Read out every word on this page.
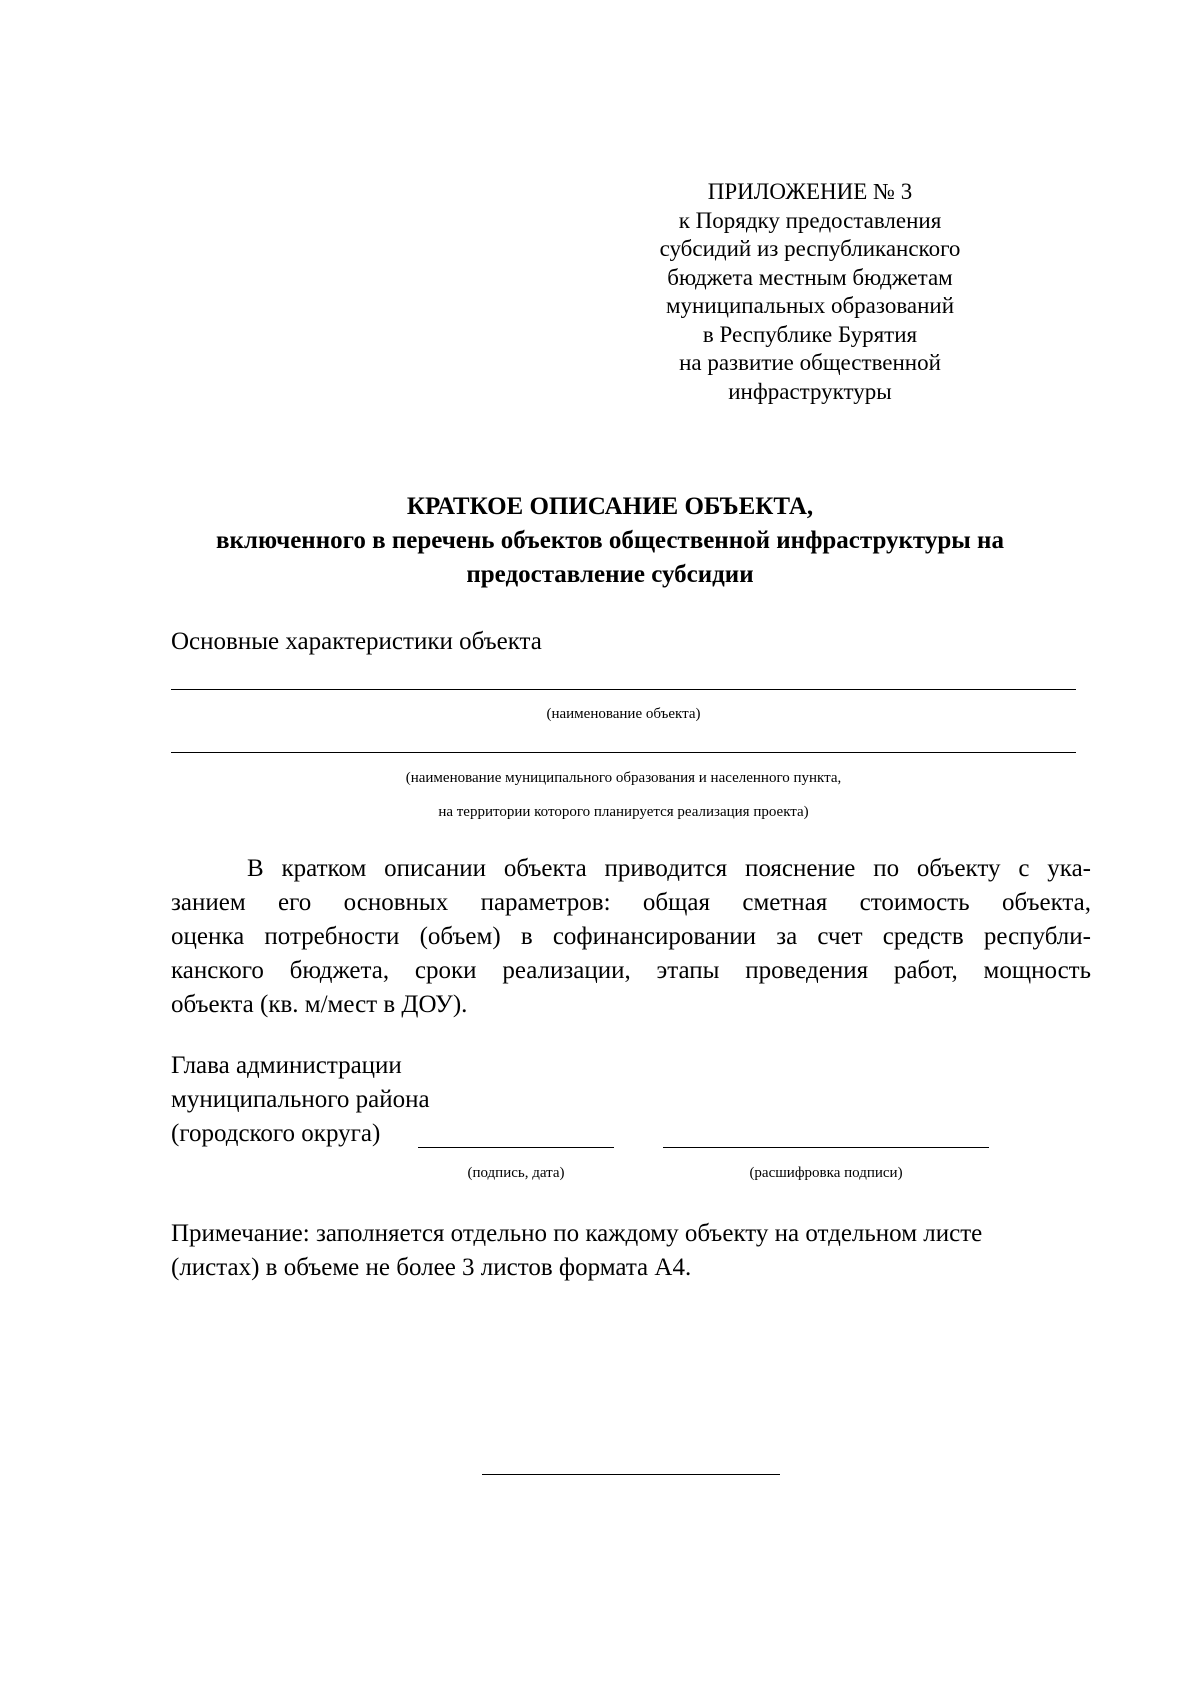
ПРИЛОЖЕНИЕ № 3
к Порядку предоставления
субсидий из республиканского
бюджета местным бюджетам
муниципальных образований
в Республике Бурятия
на развитие общественной
инфраструктуры
КРАТКОЕ ОПИСАНИЕ ОБЪЕКТА,
включенного в перечень объектов общественной инфраструктуры на
предоставление субсидии
Основные характеристики объекта
(наименование объекта)
(наименование муниципального образования и населенного пункта,
на территории которого планируется реализация проекта)
В кратком описании объекта приводится пояснение по объекту с ука-
занием его основных параметров: общая сметная стоимость объекта,
оценка потребности (объем) в софинансировании за счет средств республи-
канского бюджета, сроки реализации, этапы проведения работ, мощность
объекта (кв. м/мест в ДОУ).
Глава администрации
муниципального района
(городского округа)
(подпись, дата)	(расшифровка подписи)
Примечание: заполняется отдельно по каждому объекту на отдельном листе
(листах) в объеме не более 3 листов формата А4.
